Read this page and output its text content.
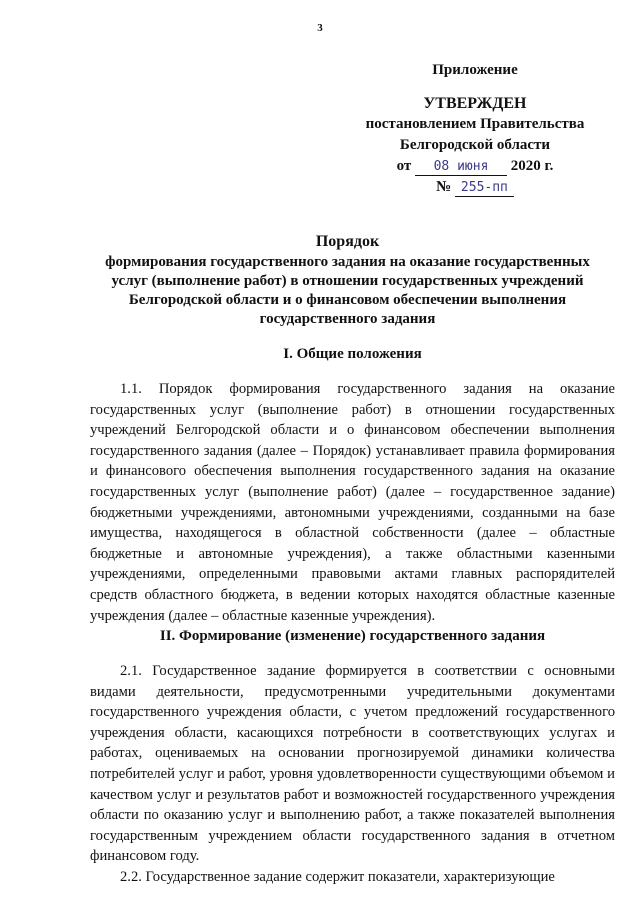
3
Приложение
УТВЕРЖДЕН
постановлением Правительства
Белгородской области
от 08 июня 2020 г.
№ 255-пп
Порядок
формирования государственного задания на оказание государственных
услуг (выполнение работ) в отношении государственных учреждений
Белгородской области и о финансовом обеспечении выполнения
государственного задания
I. Общие положения

1.1. Порядок формирования государственного задания на оказание государственных услуг (выполнение работ) в отношении государственных учреждений Белгородской области и о финансовом обеспечении выполнения государственного задания (далее – Порядок) устанавливает правила формирования и финансового обеспечения выполнения государственного задания на оказание государственных услуг (выполнение работ) (далее – государственное задание) бюджетными учреждениями, автономными учреждениями, созданными на базе имущества, находящегося в областной собственности (далее – областные бюджетные и автономные учреждения), а также областными казенными учреждениями, определенными правовыми актами главных распорядителей средств областного бюджета, в ведении которых находятся областные казенные учреждения (далее – областные казенные учреждения).

II. Формирование (изменение) государственного задания

2.1. Государственное задание формируется в соответствии с основными видами деятельности, предусмотренными учредительными документами государственного учреждения области, с учетом предложений государственного учреждения области, касающихся потребности в соответствующих услугах и работах, оцениваемых на основании прогнозируемой динамики количества потребителей услуг и работ, уровня удовлетворенности существующими объемом и качеством услуг и результатов работ и возможностей государственного учреждения области по оказанию услуг и выполнению работ, а также показателей выполнения государственным учреждением области государственного задания в отчетном финансовом году.

2.2. Государственное задание содержит показатели, характеризующие
